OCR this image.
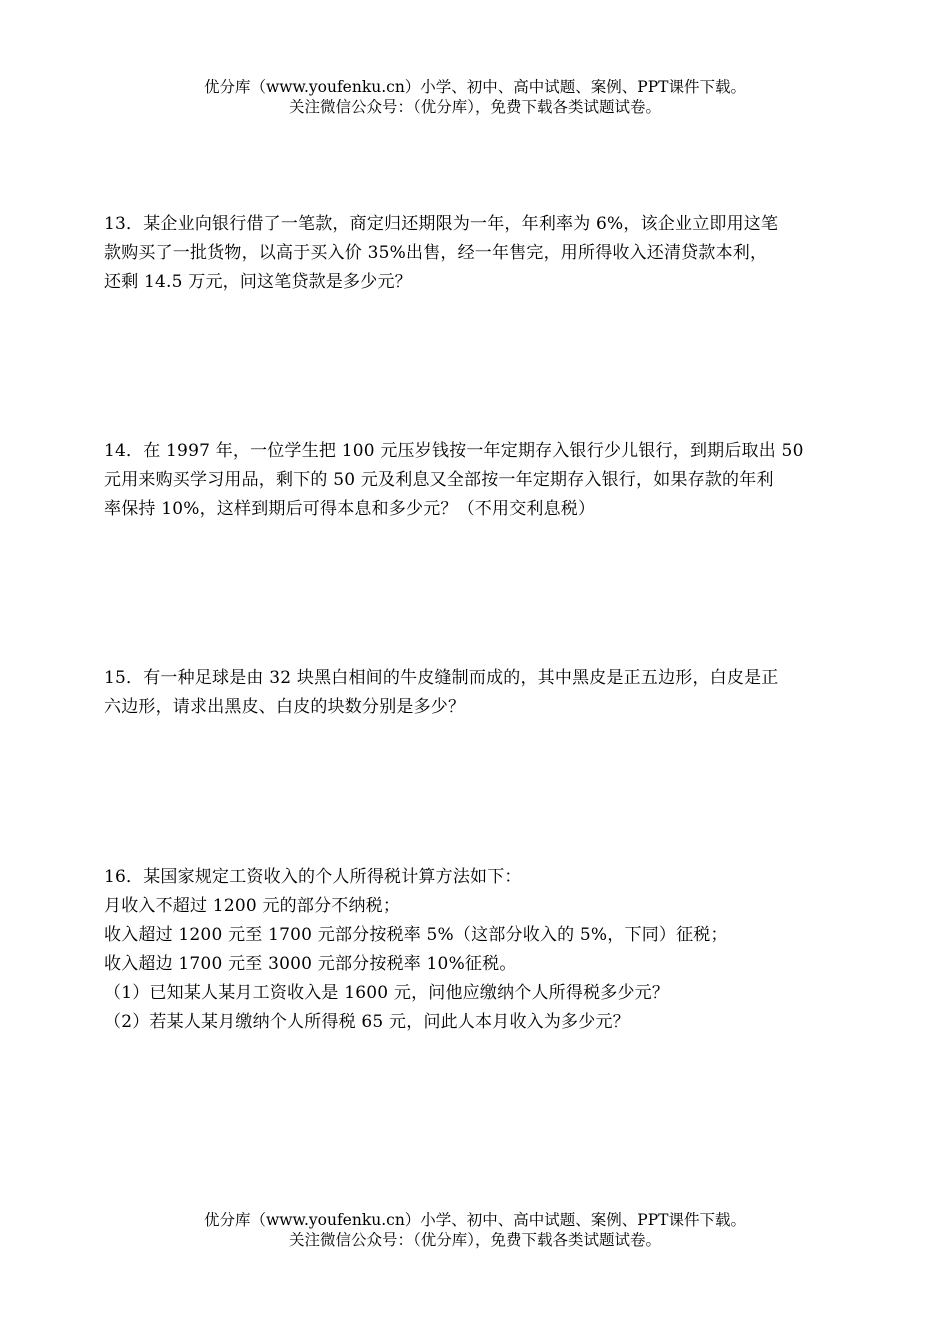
优分库（www.youfenku.cn）小学、初中、高中试题、案例、PPT课件下载。
关注微信公众号：（优分库），免费下载各类试题试卷。

13．某企业向银行借了一笔款，商定归还期限为一年，年利率为 6%，该企业立即用这笔

款购买了一批货物，以高于买入价 35%出售，经一年售完，用所得收入还清贷款本利，

还剩 14.5 万元，问这笔贷款是多少元？

14．在 1997 年，一位学生把 100 元压岁钱按一年定期存入银行少儿银行，到期后取出 50

元用来购买学习用品，剩下的 50 元及利息又全部按一年定期存入银行，如果存款的年利

率保持 10%，这样到期后可得本息和多少元？（不用交利息税）

15．有一种足球是由 32 块黑白相间的牛皮缝制而成的，其中黑皮是正五边形，白皮是正

六边形，请求出黑皮、白皮的块数分别是多少？

16．某国家规定工资收入的个人所得税计算方法如下：

月收入不超过 1200 元的部分不纳税；

收入超过 1200 元至 1700 元部分按税率 5%（这部分收入的 5%，下同）征税；

收入超边 1700 元至 3000 元部分按税率 10%征税。

（1）已知某人某月工资收入是 1600 元，问他应缴纳个人所得税多少元？

（2）若某人某月缴纳个人所得税 65 元，问此人本月收入为多少元？

优分库（www.youfenku.cn）小学、初中、高中试题、案例、PPT课件下载。
关注微信公众号：（优分库），免费下载各类试题试卷。
